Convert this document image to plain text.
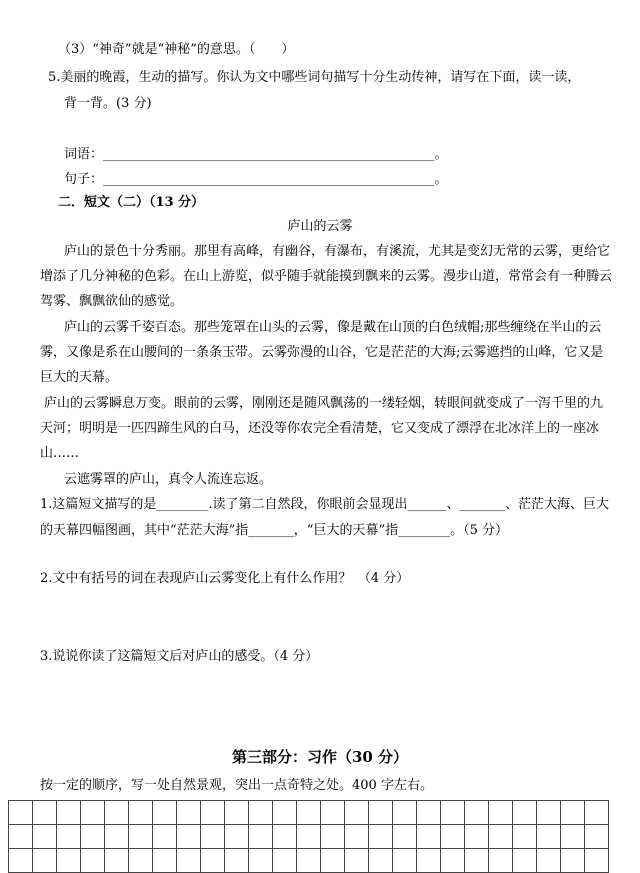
（3）“神奇”就是“神秘”的意思。（　　）
5.美丽的晚霞，生动的描写。你认为文中哪些词句描写十分生动传神，请写在下面，读一读，
背一背。(3 分)
词语：___________________________________________________。
句子：___________________________________________________。
二．短文（二）（13 分）
庐山的云雾
庐山的景色十分秀丽。那里有高峰，有幽谷，有瀑布，有溪流，尤其是变幻无常的云雾，更给它
增添了几分神秘的色彩。在山上游览，似乎随手就能摸到飘来的云雾。漫步山道，常常会有一种腾云
驾雾、飘飘欲仙的感觉。
庐山的云雾千姿百态。那些笼罩在山头的云雾，像是戴在山顶的白色绒帽;那些缠绕在半山的云
雾，又像是系在山腰间的一条条玉带。云雾弥漫的山谷，它是茫茫的大海;云雾遮挡的山峰，它又是
巨大的天幕。
庐山的云雾瞬息万变。眼前的云雾，刚刚还是随风飘荡的一缕轻烟，转眼间就变成了一泻千里的九
天河；明明是一匹四蹄生风的白马，还没等你农完全看清楚，它又变成了漂浮在北冰洋上的一座冰
山……
云遮雾罩的庐山，真令人流连忘返。
1.这篇短文描写的是________.读了第二自然段，你眼前会显现出______、_______、茫茫大海、巨大
的天幕四幅图画，其中“茫茫大海”指_______，“巨大的天幕”指________。（5 分）
2.文中有括号的词在表现庐山云雾变化上有什么作用？　（4 分）
3.说说你读了这篇短文后对庐山的感受。（4 分）
第三部分：习作（30 分）
按一定的顺序，写一处自然景观，突出一点奇特之处。400 字左右。
